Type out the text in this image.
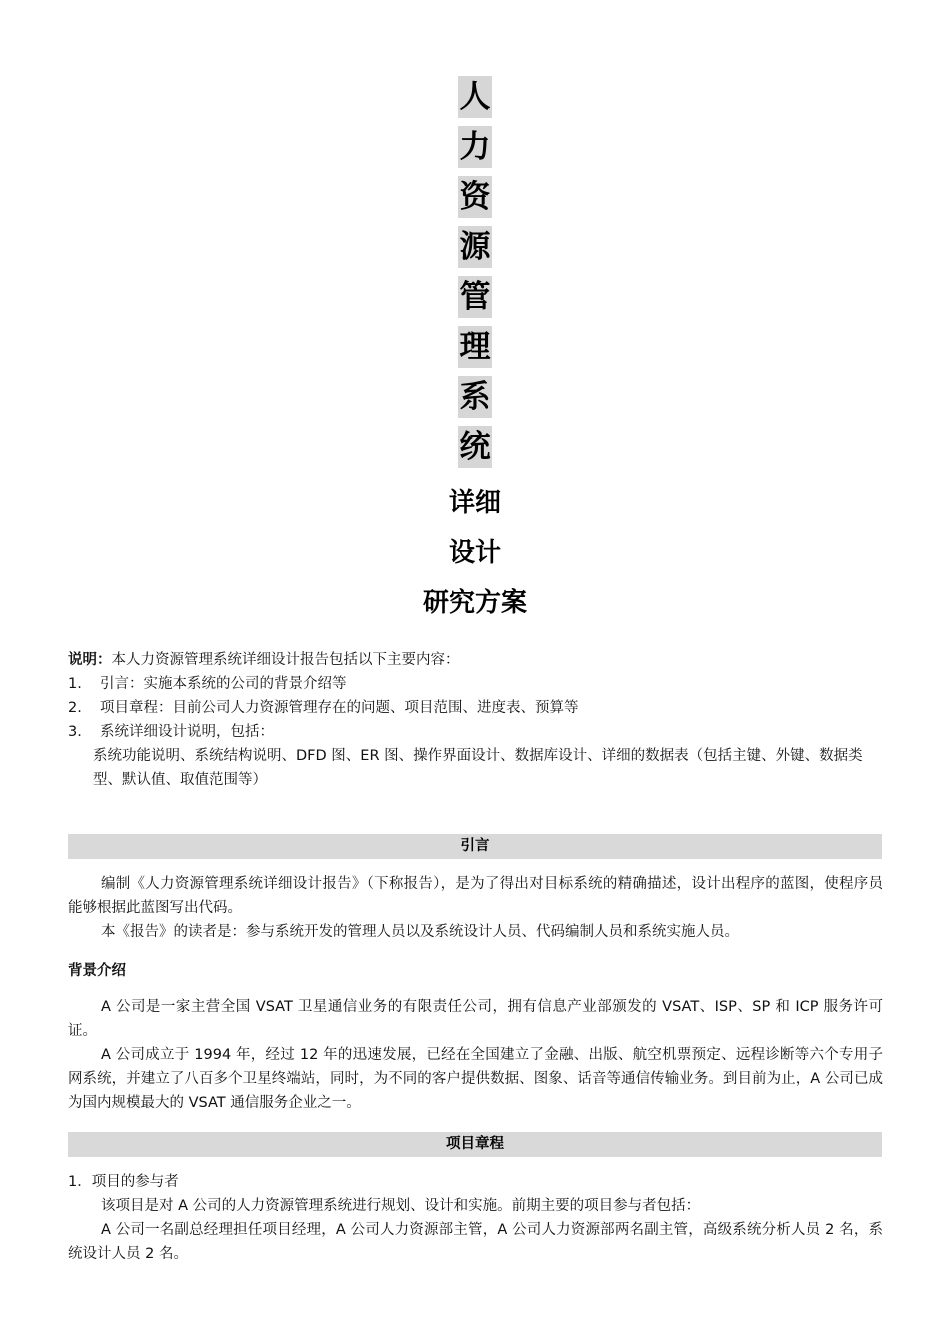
人
力
资
源
管
理
系
统
详细
设计
研究方案
说明：本人力资源管理系统详细设计报告包括以下主要内容：
1. 引言：实施本系统的公司的背景介绍等
2. 项目章程：目前公司人力资源管理存在的问题、项目范围、进度表、预算等
3. 系统详细设计说明，包括：
系统功能说明、系统结构说明、DFD 图、ER 图、操作界面设计、数据库设计、详细的数据表（包括主键、外键、数据类型、默认值、取值范围等）
引言

编制《人力资源管理系统详细设计报告》（下称报告），是为了得出对目标系统的精确描述，设计出程序的蓝图，使程序员能够根据此蓝图写出代码。

本《报告》的读者是：参与系统开发的管理人员以及系统设计人员、代码编制人员和系统实施人员。

背景介绍

A 公司是一家主营全国 VSAT 卫星通信业务的有限责任公司，拥有信息产业部颁发的 VSAT、ISP、SP 和 ICP 服务许可证。

A 公司成立于 1994 年，经过 12 年的迅速发展，已经在全国建立了金融、出版、航空机票预定、远程诊断等六个专用子网系统，并建立了八百多个卫星终端站，同时，为不同的客户提供数据、图象、话音等通信传输业务。到目前为止，A 公司已成为国内规模最大的 VSAT 通信服务企业之一。

项目章程

1．项目的参与者

该项目是对 A 公司的人力资源管理系统进行规划、设计和实施。前期主要的项目参与者包括：

A 公司一名副总经理担任项目经理，A 公司人力资源部主管，A 公司人力资源部两名副主管，高级系统分析人员 2 名，系统设计人员 2 名。
